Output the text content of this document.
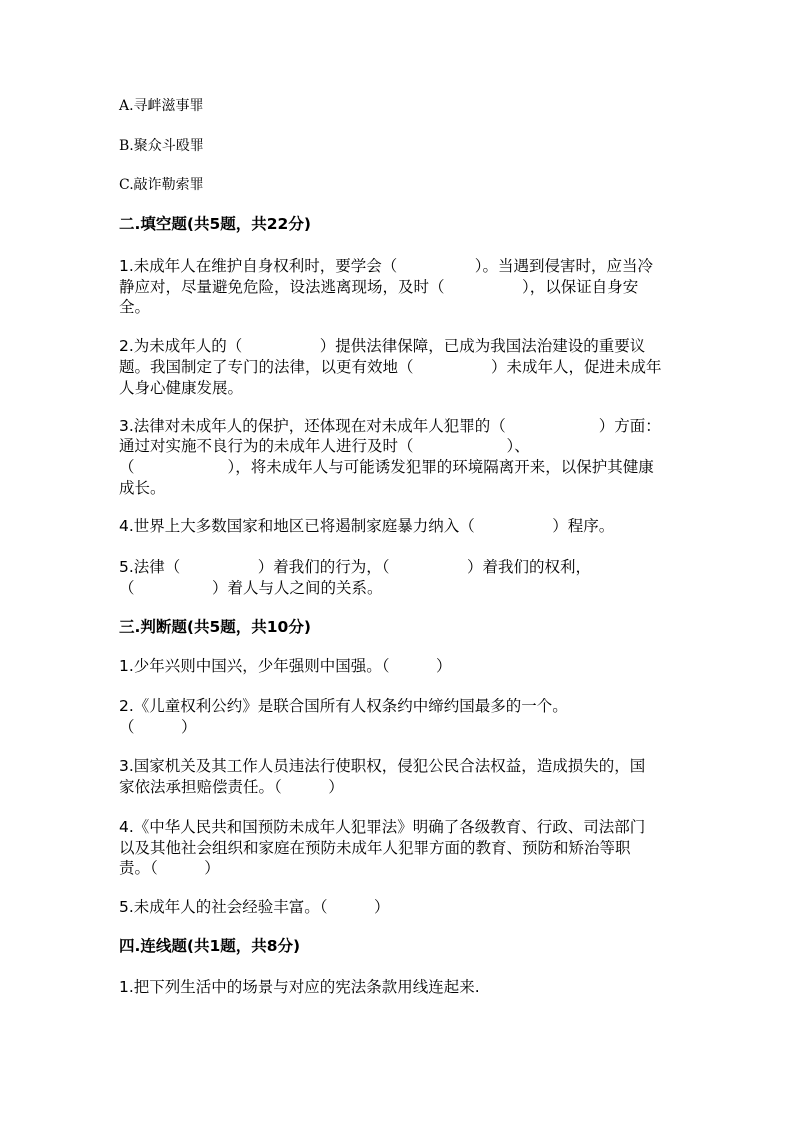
A.寻衅滋事罪
B.聚众斗殴罪
C.敲诈勒索罪
二.填空题(共5题，共22分)
1.未成年人在维护自身权利时，要学会（　　　　　）。当遇到侵害时，应当冷
静应对，尽量避免危险，设法逃离现场，及时（　　　　　），以保证自身安
全。
2.为未成年人的（　　　　　）提供法律保障，已成为我国法治建设的重要议
题。我国制定了专门的法律，以更有效地（　　　　　）未成年人，促进未成年
人身心健康发展。
3.法律对未成年人的保护，还体现在对未成年人犯罪的（　　　　　　）方面：
通过对实施不良行为的未成年人进行及时（　　　　　　）、
（　　　　　　），将未成年人与可能诱发犯罪的环境隔离开来，以保护其健康
成长。
4.世界上大多数国家和地区已将遏制家庭暴力纳入（　　　　　）程序。
5.法律（　　　　　）着我们的行为，（　　　　　）着我们的权利，
（　　　　　）着人与人之间的关系。
三.判断题(共5题，共10分)
1.少年兴则中国兴，少年强则中国强。（　　　）
2.《儿童权利公约》是联合国所有人权条约中缔约国最多的一个。
（　　　）
3.国家机关及其工作人员违法行使职权，侵犯公民合法权益，造成损失的，国
家依法承担赔偿责任。（　　　）
4.《中华人民共和国预防未成年人犯罪法》明确了各级教育、行政、司法部门
以及其他社会组织和家庭在预防未成年人犯罪方面的教育、预防和矫治等职
责。（　　　）
5.未成年人的社会经验丰富。（　　　）
四.连线题(共1题，共8分)
1.把下列生活中的场景与对应的宪法条款用线连起来.
